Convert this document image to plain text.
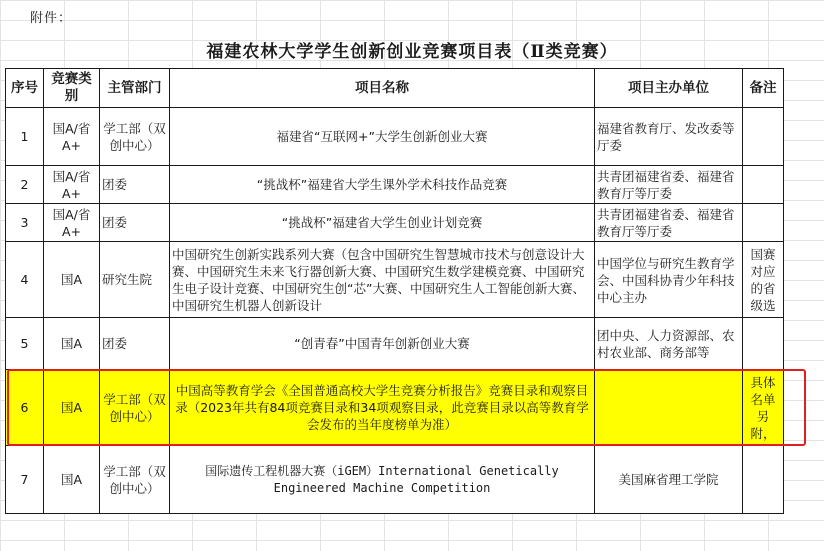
附件：
福建农林大学学生创新创业竞赛项目表（Ⅱ类竞赛）
序号	竞赛类别	主管部门	项目名称	项目主办单位	备注
1	国A/省A+	学工部（双创中心）	福建省“互联网+”大学生创新创业大赛	福建省教育厅、发改委等厅委	
2	国A/省A+	团委	“挑战杯”福建省大学生课外学术科技作品竞赛	共青团福建省委、福建省教育厅等厅委	
3	国A/省A+	团委	“挑战杯”福建省大学生创业计划竞赛	共青团福建省委、福建省教育厅等厅委	
4	国A	研究生院	中国研究生创新实践系列大赛（包含中国研究生智慧城市技术与创意设计大赛、中国研究生未来飞行器创新大赛、中国研究生数学建模竞赛、中国研究生电子设计竞赛、中国研究生创“芯”大赛、中国研究生人工智能创新大赛、中国研究生机器人创新设计	中国学位与研究生教育学会、中国科协青少年科技中心主办	国赛对应的省级选

5	国A	团委	“创青春”中国青年创新创业大赛	团中央、人力资源部、农村农业部、商务部等	

6	国A	学工部（双创中心）	中国高等教育学会《全国普通高校大学生竞赛分析报告》竞赛目录和观察目录（2023年共有84项竞赛目录和34项观察目录，此竞赛目录以高等教育学会发布的当年度榜单为准）		具体名单另附，

7	国A	学工部（双创中心）	国际遗传工程机器大赛（iGEM）International Genetically Engineered Machine Competition	美国麻省理工学院	
